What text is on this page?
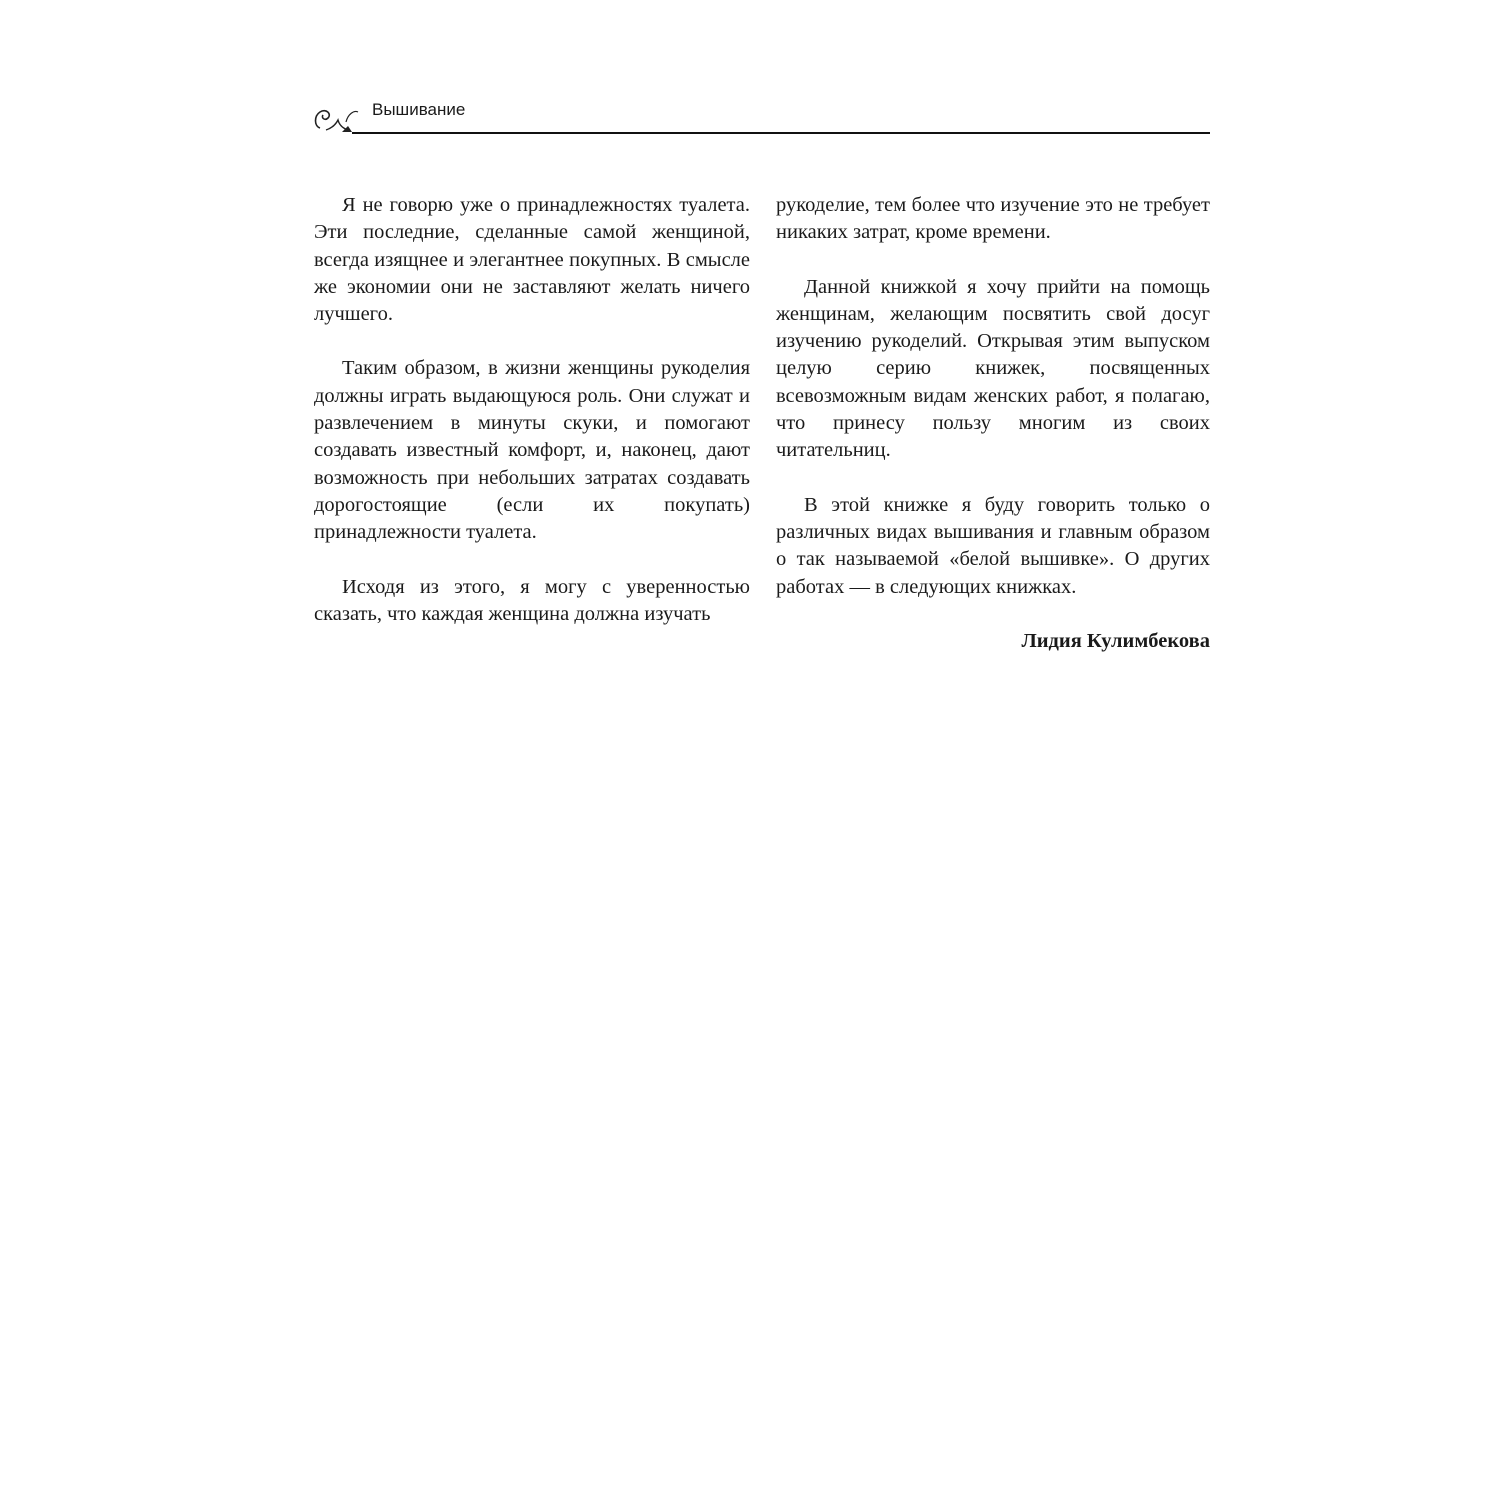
Вышивание

Я не говорю уже о принадлежностях туалета. Эти последние, сделанные самой женщиной, всегда изящнее и элегантнее покупных. В смысле же экономии они не заставляют желать ничего лучшего.

Таким образом, в жизни женщины рукоделия должны играть выдающуюся роль. Они служат и развлечением в минуты скуки, и помогают создавать известный комфорт, и, наконец, дают возможность при небольших затратах создавать дорогостоящие (если их покупать) принадлежности туалета.

Исходя из этого, я могу с уверенностью сказать, что каждая женщина должна изучать

рукоделие, тем более что изучение это не требует никаких затрат, кроме времени.

Данной книжкой я хочу прийти на помощь женщинам, желающим посвятить свой досуг изучению рукоделий. Открывая этим выпуском целую серию книжек, посвященных всевозможным видам женских работ, я полагаю, что принесу пользу многим из своих читательниц.

В этой книжке я буду говорить только о различных видах вышивания и главным образом о так называемой «белой вышивке». О других работах — в следующих книжках.

Лидия Кулимбекова
